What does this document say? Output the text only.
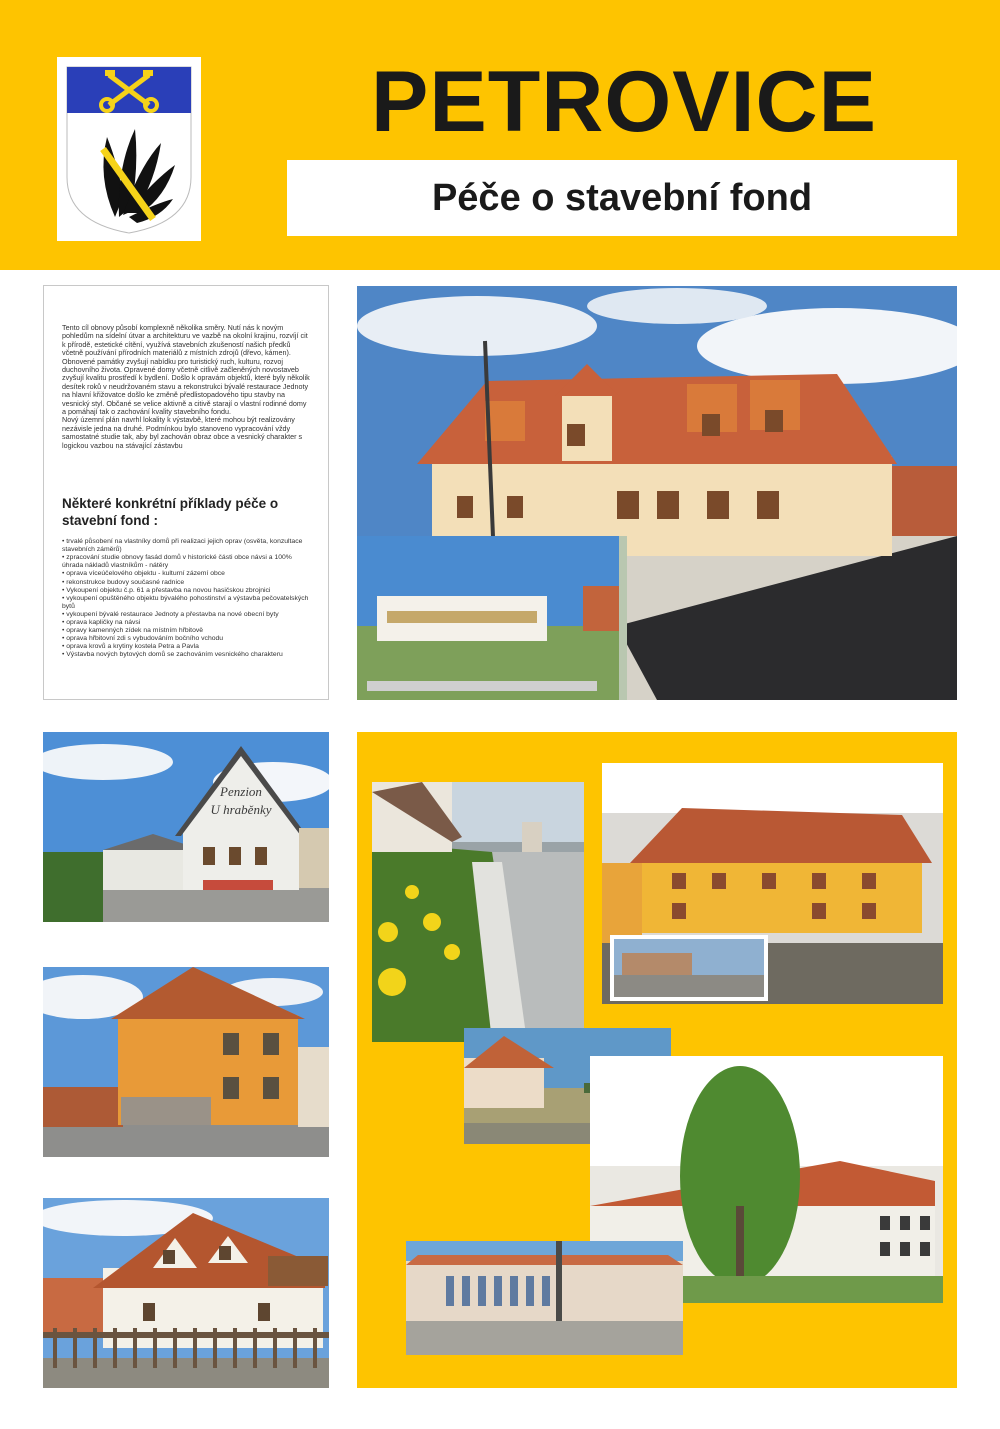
PETROVICE
Péče o stavební fond

Tento cíl obnovy působí komplexně několika směry. Nutí nás k novým pohledům na sídelní útvar a architekturu ve vazbě na okolní krajinu, rozvíjí cit k přírodě, estetické cítění, využívá stavebních zkušeností našich předků včetně používání přírodních materiálů z místních zdrojů (dřevo, kámen). Obnovené památky zvyšují nabídku pro turistický ruch, kulturu, rozvoj duchovního života. Opravené domy včetně citlivě začleněných novostaveb zvyšují kvalitu prostředí k bydlení. Došlo k opravám objektů, které byly několik desítek roků v neudržovaném stavu a rekonstrukci bývalé restaurace Jednoty na hlavní křižovatce došlo ke změně předlistopadového tipu stavby na vesnický styl. Občané se velice aktivně a citivě starají o vlastní rodinné domy a pomáhají tak o zachování kvality stavebního fondu.

Nový územní plán navrhl lokality k výstavbě, které mohou být realizovány nezávisle jedna na druhé. Podmínkou bylo stanoveno vypracování vždy samostatné studie tak, aby byl zachován obraz obce a vesnický charakter s logickou vazbou na stávající zástavbu

Některé konkrétní příklady péče o stavební fond :
• trvalé působení na vlastníky domů při realizaci jejich oprav (osvěta, konzultace stavebních záměrů)
• zpracování studie obnovy fasád domů v historické části obce návsi a 100% úhrada nákladů vlastníkům - nátěry
• oprava víceúčelového objektu - kulturní zázemí obce
• rekonstrukce budovy současné radnice
• Vykoupení objektu č.p. 61 a přestavba na novou hasičskou zbrojnici
• vykoupení opuštěného objektu bývalého pohostinství a výstavba pečovatelských bytů
• vykoupení bývalé restaurace Jednoty a přestavba na nové obecní byty
• oprava kapličky na návsi
• opravy kamenných zídek na místním hřbitově
• oprava hřbitovní zdi s vybudováním bočního vchodu
• oprava krovů a krytiny kostela Petra a Pavla
• Výstavba nových bytových domů se zachováním vesnického charakteru
Penzion
U hraběnky
